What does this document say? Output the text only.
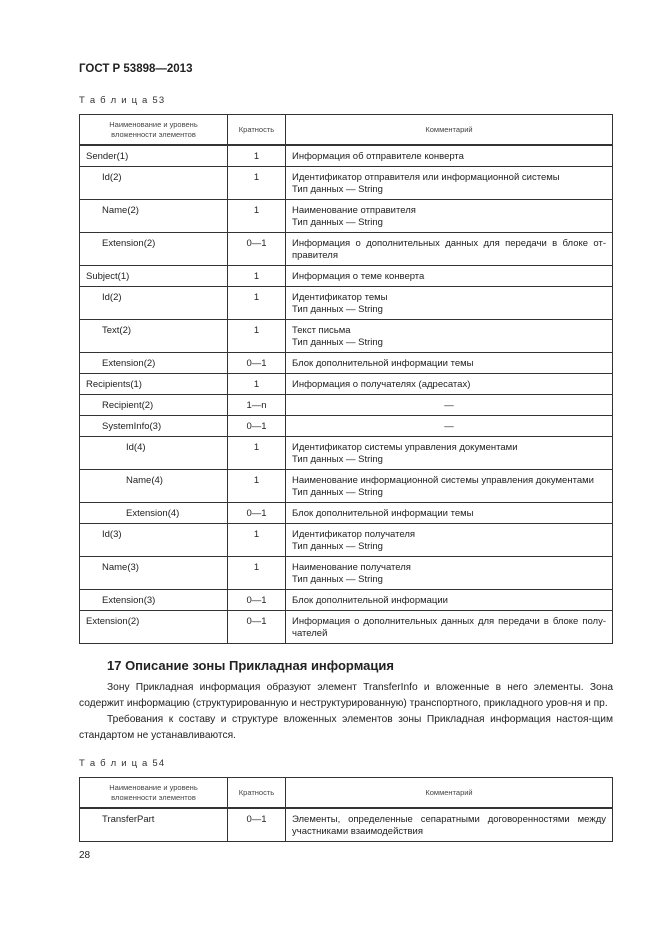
ГОСТ Р 53898—2013
Т а б л и ц а 53
Наименование и уровень вложенности элементов	Кратность	Комментарий
Sender(1)	1	Информация об отправителе конверта
Id(2)	1	Идентификатор отправителя или информационной системы
Тип данных — String
Name(2)	1	Наименование отправителя
Тип данных — String
Extension(2)	0—1	Информация о дополнительных данных для передачи в блоке от-правителя
Subject(1)	1	Информация о теме конверта
Id(2)	1	Идентификатор темы
Тип данных — String
Text(2)	1	Текст письма
Тип данных — String
Extension(2)	0—1	Блок дополнительной информации темы
Recipients(1)	1	Информация о получателях (адресатах)
Recipient(2)	1—n	—
SystemInfo(3)	0—1	—
Id(4)	1	Идентификатор системы управления документами
Тип данных — String
Name(4)	1	Наименование информационной системы управления документами
Тип данных — String
Extension(4)	0—1	Блок дополнительной информации темы
Id(3)	1	Идентификатор получателя
Тип данных — String
Name(3)	1	Наименование получателя
Тип данных — String
Extension(3)	0—1	Блок дополнительной информации
Extension(2)	0—1	Информация о дополнительных данных для передачи в блоке полу-чателей
17 Описание зоны Прикладная информация
Зону Прикладная информация образуют элемент TransferInfo и вложенные в него элементы. Зона содержит информацию (структурированную и неструктурированную) транспортного, прикладного уров-ня и пр.
Требования к составу и структуре вложенных элементов зоны Прикладная информация настоя-щим стандартом не устанавливаются.
Т а б л и ц а 54
Наименование и уровень вложенности элементов	Кратность	Комментарий
TransferPart	0—1	Элементы, определенные сепаратными договоренностями между участниками взаимодействия
28
